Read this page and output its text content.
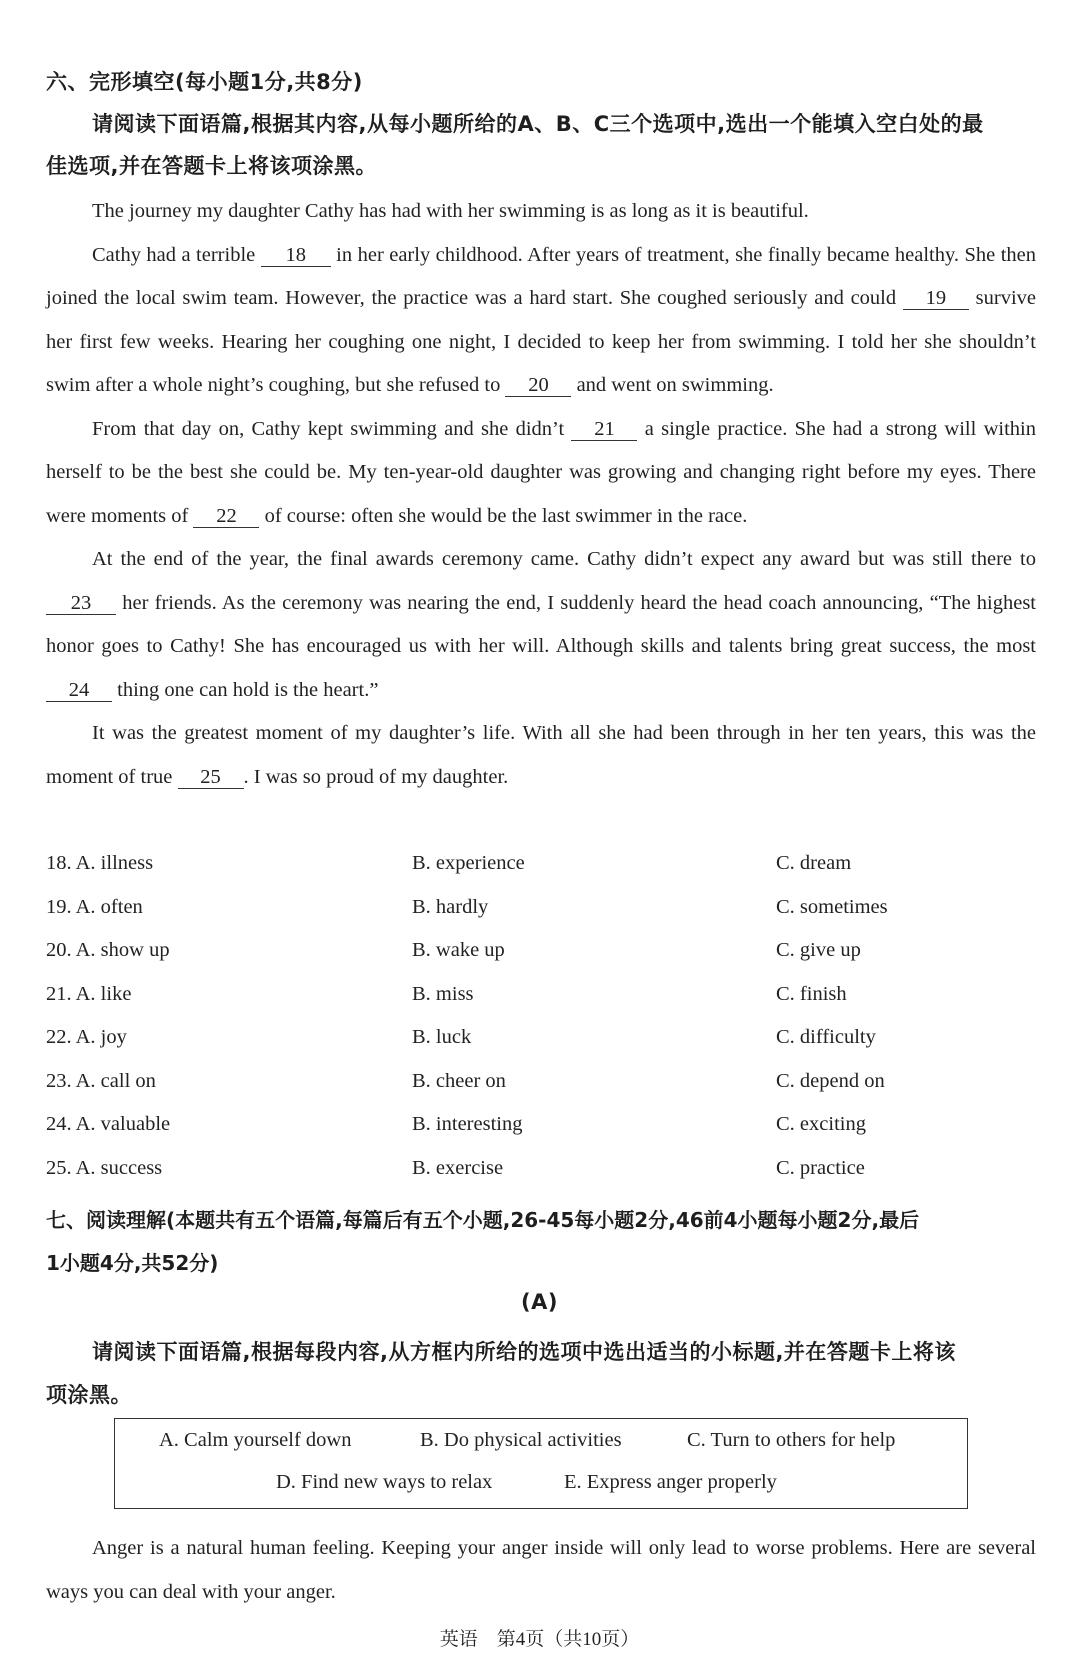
六、完形填空(每小题1分,共8分)
请阅读下面语篇,根据其内容,从每小题所给的A、B、C三个选项中,选出一个能填入空白处的最
佳选项,并在答题卡上将该项涂黑。

The journey my daughter Cathy has had with her swimming is as long as it is beautiful.

Cathy had a terrible 18 in her early childhood. After years of treatment, she finally became healthy. She then joined the local swim team. However, the practice was a hard start. She coughed seriously and could 19 survive her first few weeks. Hearing her coughing one night, I decided to keep her from swimming. I told her she shouldn’t swim after a whole night’s coughing, but she refused to 20 and went on swimming.

From that day on, Cathy kept swimming and she didn’t 21 a single practice. She had a strong will within herself to be the best she could be. My ten-year-old daughter was growing and changing right before my eyes. There were moments of 22 of course: often she would be the last swimmer in the race.

At the end of the year, the final awards ceremony came. Cathy didn’t expect any award but was still there to 23 her friends. As the ceremony was nearing the end, I suddenly heard the head coach announcing, “The highest honor goes to Cathy! She has encouraged us with her will. Although skills and talents bring great success, the most 24 thing one can hold is the heart.”

It was the greatest moment of my daughter’s life. With all she had been through in her ten years, this was the moment of true 25 . I was so proud of my daughter.

18. A. illness	B. experience	C. dream
19. A. often	B. hardly	C. sometimes
20. A. show up	B. wake up	C. give up
21. A. like	B. miss	C. finish
22. A. joy	B. luck	C. difficulty
23. A. call on	B. cheer on	C. depend on
24. A. valuable	B. interesting	C. exciting
25. A. success	B. exercise	C. practice
七、阅读理解(本题共有五个语篇,每篇后有五个小题,26-45每小题2分,46前4小题每小题2分,最后
1小题4分,共52分)
(A)
请阅读下面语篇,根据每段内容,从方框内所给的选项中选出适当的小标题,并在答题卡上将该
项涂黑。
A. Calm yourself down	B. Do physical activities	C. Turn to others for help
D. Find new ways to relax	E. Express anger properly

Anger is a natural human feeling. Keeping your anger inside will only lead to worse problems. Here are several ways you can deal with your anger.

英语　第4页（共10页）
